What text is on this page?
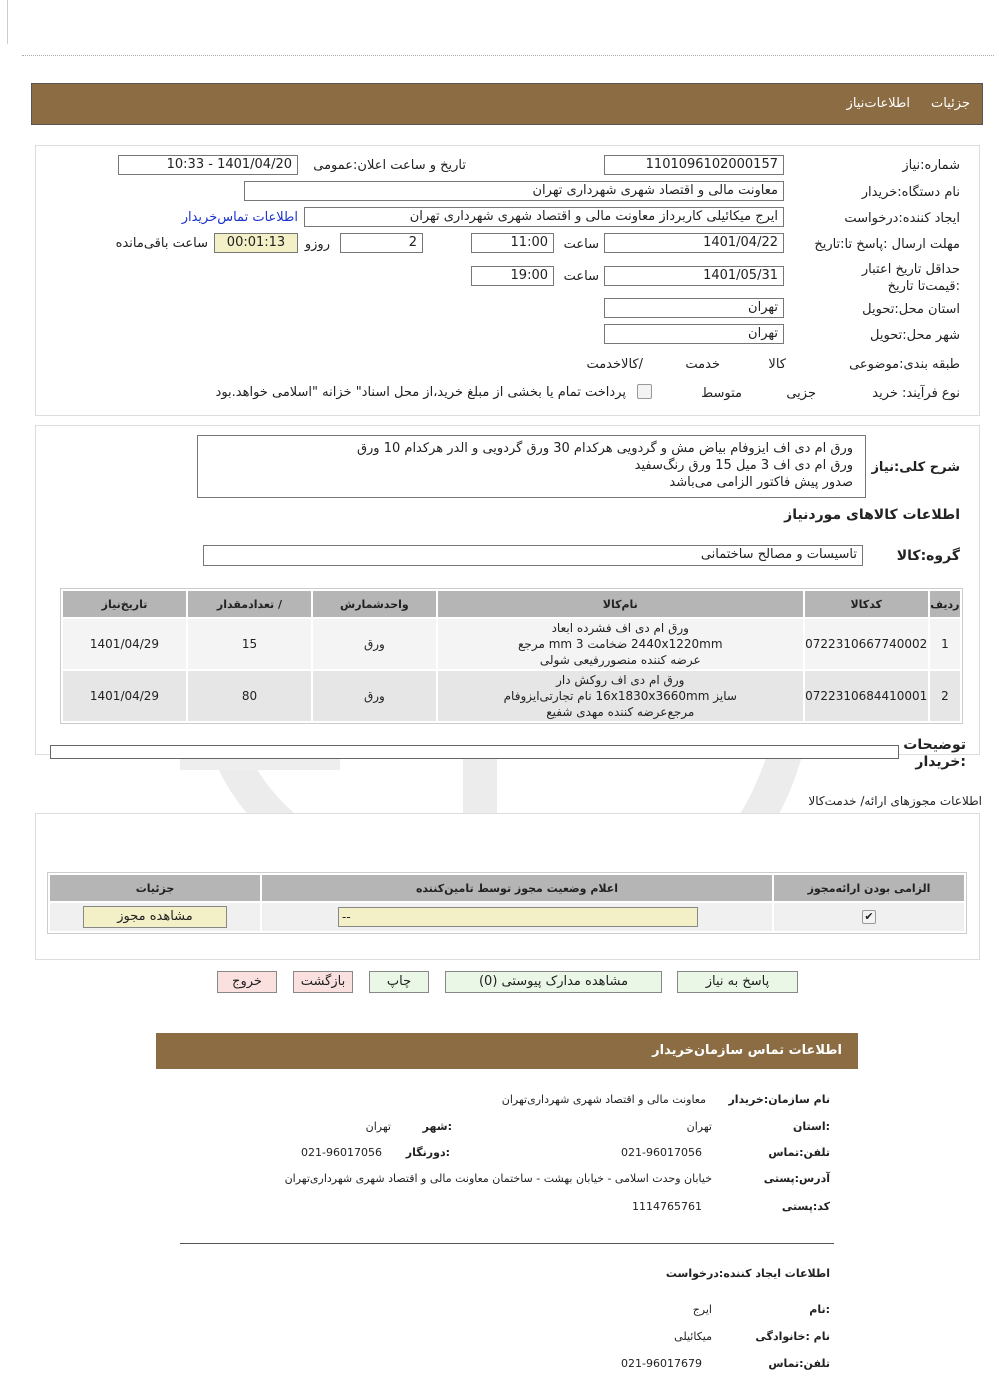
جزئیات
اطلاعات‌نیاز
شماره:نیاز
1101096102000157
تاریخ و ساعت اعلان:عمومی
1401/04/20 - 10:33
نام دستگاه:خریدار
معاونت مالی و اقتصاد شهری شهرداری تهران
ایجاد کننده:درخواست
ایرج میکائیلی کاربرداز معاونت مالی و اقتصاد شهری شهرداری تهران
اطلاعات تماس‌خریدار
مهلت ارسال :پاسخ تا:تاریخ
1401/04/22
ساعت
11:00
2
روزو
00:01:13
ساعت باقی‌مانده
حداقل تاریخ اعتبار :قیمت‌تا تاریخ
1401/05/31
ساعت
19:00
استان محل:تحویل
تهران
شهر محل:تحویل
تهران
طبقه بندی:موضوعی

کالا

خدمت

/کالاخدمت
نوع فرآیند: خرید

جزیی
متوسط
پرداخت تمام یا بخشی از مبلغ خرید،از محل اسناد" خزانه "اسلامی خواهد.بود
شرح کلی:نیاز
ورق ام دی اف ایزوفام بیاض مش و گردویی هرکدام 30 ورق گردویی و الدر هرکدام 10 ورق
ورق ام دی اف 3 میل 15 ورق رنگ‌سفید
صدور پیش فاکتور الزامی می‌باشد
اطلاعات کالاهای موردنیاز
گروه:کالا
تاسیسات و مصالح ساختمانی
ردیف	کدکالا	نام‌کالا	واحدشمارش	/ تعدادمقدار	تاریخ‌نیاز
1	0722310667740002	ورق ام دی اف فشرده ابعاد
2440x1220mm ضخامت 3 mm مرجع
عرضه کننده منصوررفیعی شولی	ورق	15	1401/04/29
2	0722310684410001	ورق ام دی اف روکش دار
سایز 16x1830x3660mm نام تجارتی‌ایزوفام
مرجع‌عرضه کننده مهدی شفیع	ورق	80	1401/04/29
توضیحات :خریدار
اطلاعات مجوزهای ارائه/ خدمت‌کالا
الزامی بودن ارائه‌مجوز	اعلام وضعیت مجوز توسط تامین‌کننده	جزئیات
✔	--	مشاهده مجوز
پاسخ به نیاز
مشاهده مدارک پیوستی (0)
چاپ
بازگشت
خروج
اطلاعات تماس سازمان‌خریدار
نام سازمان:خریدار
معاونت مالی و اقتصاد شهری شهرداری‌تهران
:استان
تهران
:شهر
تهران
تلفن:تماس
021-96017056
:دورنگار
021-96017056
آدرس:پستی
خیابان وحدت اسلامی - خیابان بهشت - ساختمان معاونت مالی و اقتصاد شهری شهرداری‌تهران
کد:پستی
1114765761
اطلاعات ایجاد کننده:درخواست
:نام
ایرج
نام :خانوادگی
میکائیلی
تلفن:تماس
021-96017679
